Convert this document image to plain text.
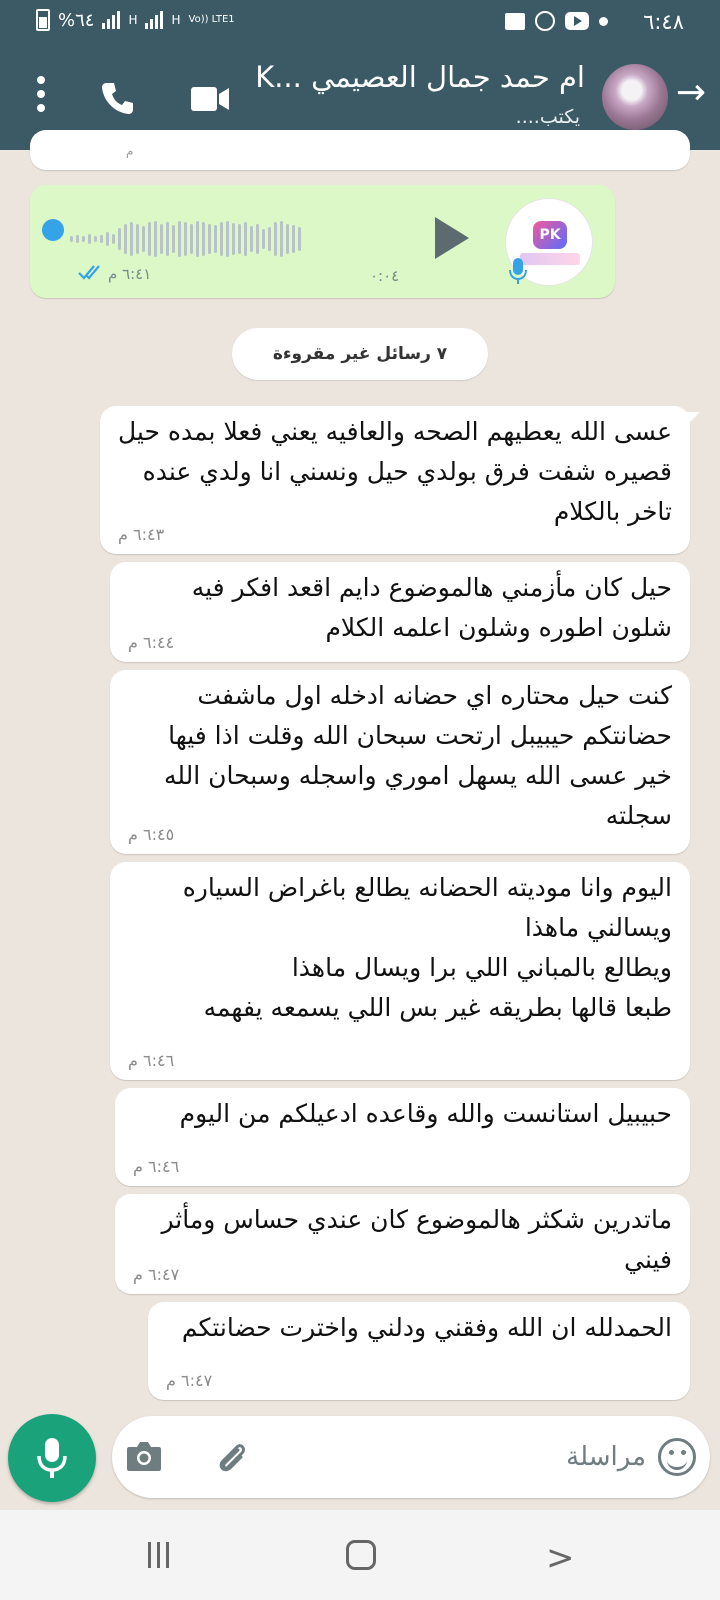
%٦٤	H	H Vo)) LTE1	٦:٤٨
→
ام حمد جمال العصيمي ...K
يكتب....
م
PK
٠:٠٤
٦:٤١ م
٧ رسائل غير مقروءة
عسى الله يعطيهم الصحه والعافيه يعني فعلا بمده حيل قصيره شفت فرق بولدي حيل ونسني انا ولدي عنده تاخر بالكلام
٦:٤٣ م
حيل كان مأزمني هالموضوع دايم اقعد افكر فيه شلون اطوره وشلون اعلمه الكلام
٦:٤٤ م
كنت حيل محتاره اي حضانه ادخله اول ماشفت حضانتكم حيبيبل ارتحت سبحان الله وقلت اذا فيها خير عسى الله يسهل اموري واسجله وسبحان الله سجلته
٦:٤٥ م
اليوم وانا موديته الحضانه يطالع باغراض السياره ويسالني ماهذا
ويطالع بالمباني اللي برا ويسال ماهذا
طبعا قالها بطريقه غير بس اللي يسمعه يفهمه
٦:٤٦ م
حبيبيل استانست والله وقاعده ادعيلكم من اليوم
٦:٤٦ م
ماتدرين شكثر هالموضوع كان عندي حساس ومأثر فيني
٦:٤٧ م
الحمدلله ان الله وفقني ودلني واخترت حضانتكم
٦:٤٧ م
مراسلة
>
